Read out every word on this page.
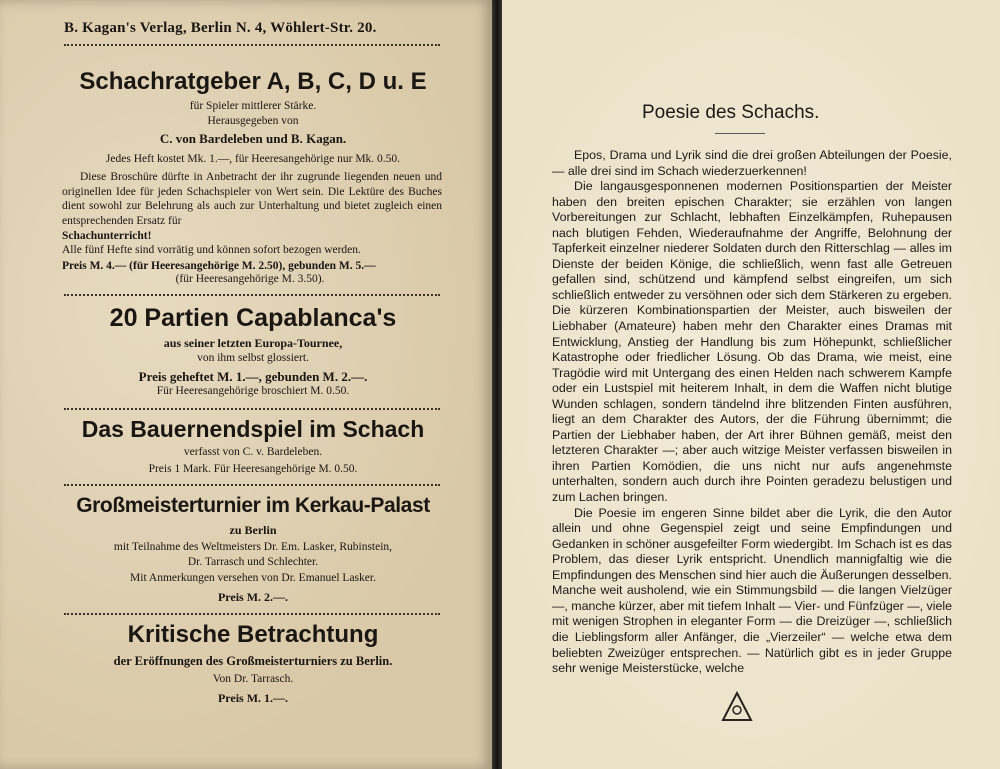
B. Kagan's Verlag, Berlin N. 4, Wöhlert-Str. 20.
Schachratgeber A, B, C, D u. E
für Spieler mittlerer Stärke.
Herausgegeben von
C. von Bardeleben und B. Kagan.
Jedes Heft kostet Mk. 1.—, für Heeresangehörige nur Mk. 0.50.
Diese Broschüre dürfte in Anbetracht der ihr zugrunde liegenden neuen und originellen Idee für jeden Schachspieler von Wert sein. Die Lektüre des Buches dient sowohl zur Belehrung als auch zur Unterhaltung und bietet zugleich einen entsprechenden Ersatz für
Schachunterricht!
Alle fünf Hefte sind vorrätig und können sofort bezogen werden.
Preis M. 4.— (für Heeresangehörige M. 2.50), gebunden M. 5.—
(für Heeresangehörige M. 3.50).
20 Partien Capablanca's
aus seiner letzten Europa-Tournee,
von ihm selbst glossiert.
Preis geheftet M. 1.—, gebunden M. 2.—.
Für Heeresangehörige broschiert M. 0.50.
Das Bauernendspiel im Schach
verfasst von C. v. Bardeleben.
Preis 1 Mark. Für Heeresangehörige M. 0.50.
Großmeisterturnier im Kerkau-Palast
zu Berlin
mit Teilnahme des Weltmeisters Dr. Em. Lasker, Rubinstein,
Dr. Tarrasch und Schlechter.
Mit Anmerkungen versehen von Dr. Emanuel Lasker.
Preis M. 2.—.
Kritische Betrachtung
der Eröffnungen des Großmeisterturniers zu Berlin.
Von Dr. Tarrasch.
Preis M. 1.—.
Poesie des Schachs.

Epos, Drama und Lyrik sind die drei großen Abteilungen der Poesie, — alle drei sind im Schach wiederzuerkennen!

Die langausgesponnenen modernen Positionspartien der Meister haben den breiten epischen Charakter; sie erzählen von langen Vorbereitungen zur Schlacht, lebhaften Einzelkämpfen, Ruhepausen nach blutigen Fehden, Wiederaufnahme der Angriffe, Belohnung der Tapferkeit einzelner niederer Soldaten durch den Ritterschlag — alles im Dienste der beiden Könige, die schließlich, wenn fast alle Getreuen gefallen sind, schützend und kämpfend selbst eingreifen, um sich schließlich entweder zu versöhnen oder sich dem Stärkeren zu ergeben. Die kürzeren Kombinationspartien der Meister, auch bisweilen der Liebhaber (Amateure) haben mehr den Charakter eines Dramas mit Entwicklung, Anstieg der Handlung bis zum Höhepunkt, schließlicher Katastrophe oder friedlicher Lösung. Ob das Drama, wie meist, eine Tragödie wird mit Untergang des einen Helden nach schwerem Kampfe oder ein Lustspiel mit heiterem Inhalt, in dem die Waffen nicht blutige Wunden schlagen, sondern tändelnd ihre blitzenden Finten ausführen, liegt an dem Charakter des Autors, der die Führung übernimmt; die Partien der Liebhaber haben, der Art ihrer Bühnen gemäß, meist den letzteren Charakter —; aber auch witzige Meister verfassen bisweilen in ihren Partien Komödien, die uns nicht nur aufs angenehmste unterhalten, sondern auch durch ihre Pointen geradezu belustigen und zum Lachen bringen.

Die Poesie im engeren Sinne bildet aber die Lyrik, die den Autor allein und ohne Gegenspiel zeigt und seine Empfindungen und Gedanken in schöner ausgefeilter Form wiedergibt. Im Schach ist es das Problem, das dieser Lyrik entspricht. Unendlich mannigfaltig wie die Empfindungen des Menschen sind hier auch die Äußerungen desselben. Manche weit ausholend, wie ein Stimmungsbild — die langen Vielzüger —, manche kürzer, aber mit tiefem Inhalt — Vier- und Fünfzüger —, viele mit wenigen Strophen in eleganter Form — die Dreizüger —, schließlich die Lieblingsform aller Anfänger, die „Vierzeiler“ — welche etwa dem beliebten Zweizüger entsprechen. — Natürlich gibt es in jeder Gruppe sehr wenige Meisterstücke, welche
